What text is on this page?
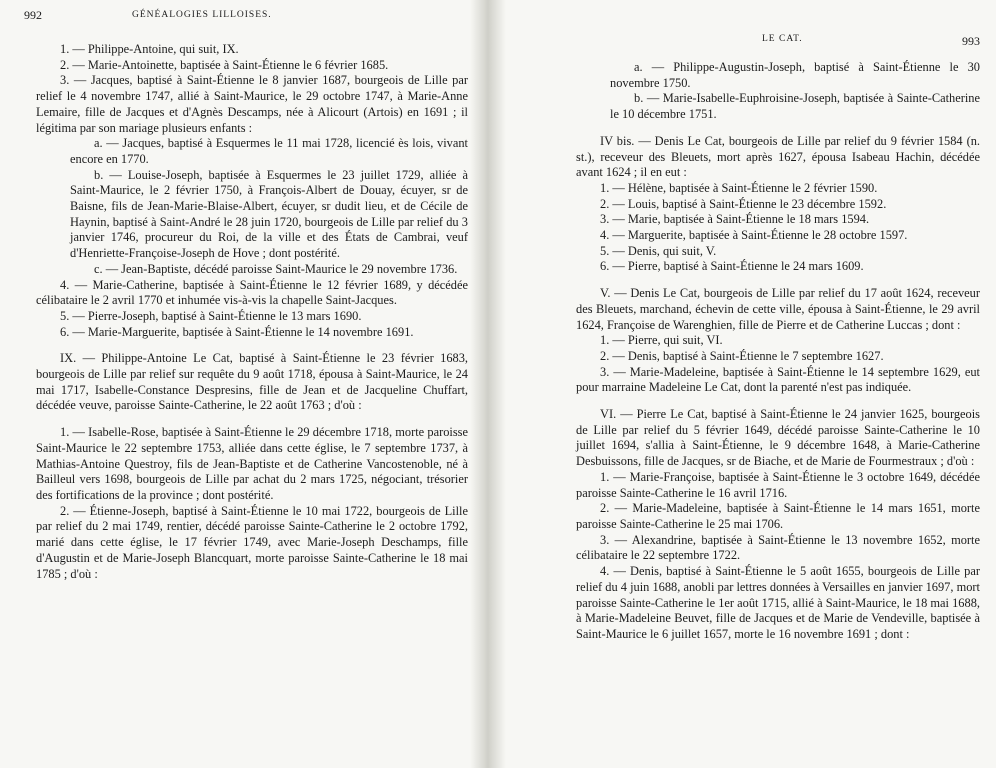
992	GÉNÉALOGIES LILLOISES.

1. — Philippe-Antoine, qui suit, IX.

2. — Marie-Antoinette, baptisée à Saint-Étienne le 6 février 1685.

3. — Jacques, baptisé à Saint-Étienne le 8 janvier 1687, bourgeois de Lille par relief le 4 novembre 1747, allié à Saint-Maurice, le 29 octobre 1747, à Marie-Anne Lemaire, fille de Jacques et d'Agnès Descamps, née à Alicourt (Artois) en 1691 ; il légitima par son mariage plusieurs enfants :

a. — Jacques, baptisé à Esquermes le 11 mai 1728, licencié ès lois, vivant encore en 1770.

b. — Louise-Joseph, baptisée à Esquermes le 23 juillet 1729, alliée à Saint-Maurice, le 2 février 1750, à François-Albert de Douay, écuyer, sr de Baisne, fils de Jean-Marie-Blaise-Albert, écuyer, sr dudit lieu, et de Cécile de Haynin, baptisé à Saint-André le 28 juin 1720, bourgeois de Lille par relief du 3 janvier 1746, procureur du Roi, de la ville et des États de Cambrai, veuf d'Henriette-Françoise-Joseph de Hove ; dont postérité.

c. — Jean-Baptiste, décédé paroisse Saint-Maurice le 29 novembre 1736.

4. — Marie-Catherine, baptisée à Saint-Étienne le 12 février 1689, y décédée célibataire le 2 avril 1770 et inhumée vis-à-vis la chapelle Saint-Jacques.

5. — Pierre-Joseph, baptisé à Saint-Étienne le 13 mars 1690.

6. — Marie-Marguerite, baptisée à Saint-Étienne le 14 novembre 1691.

IX. — Philippe-Antoine Le Cat, baptisé à Saint-Étienne le 23 février 1683, bourgeois de Lille par relief sur requête du 9 août 1718, épousa à Saint-Maurice, le 24 mai 1717, Isabelle-Constance Despresins, fille de Jean et de Jacqueline Chuffart, décédée veuve, paroisse Sainte-Catherine, le 22 août 1763 ; d'où :

1. — Isabelle-Rose, baptisée à Saint-Étienne le 29 décembre 1718, morte paroisse Saint-Maurice le 22 septembre 1753, alliée dans cette église, le 7 septembre 1737, à Mathias-Antoine Questroy, fils de Jean-Baptiste et de Catherine Vancostenoble, né à Bailleul vers 1698, bourgeois de Lille par achat du 2 mars 1725, négociant, trésorier des fortifications de la province ; dont postérité.

2. — Étienne-Joseph, baptisé à Saint-Étienne le 10 mai 1722, bourgeois de Lille par relief du 2 mai 1749, rentier, décédé paroisse Sainte-Catherine le 2 octobre 1792, marié dans cette église, le 17 février 1749, avec Marie-Joseph Deschamps, fille d'Augustin et de Marie-Joseph Blancquart, morte paroisse Sainte-Catherine le 18 mai 1785 ; d'où :

LE CAT.	993

a. — Philippe-Augustin-Joseph, baptisé à Saint-Étienne le 30 novembre 1750.

b. — Marie-Isabelle-Euphroisine-Joseph, baptisée à Sainte-Catherine le 10 décembre 1751.

IV bis. — Denis Le Cat, bourgeois de Lille par relief du 9 février 1584 (n. st.), receveur des Bleuets, mort après 1627, épousa Isabeau Hachin, décédée avant 1624 ; il en eut :

1. — Hélène, baptisée à Saint-Étienne le 2 février 1590.

2. — Louis, baptisé à Saint-Étienne le 23 décembre 1592.

3. — Marie, baptisée à Saint-Étienne le 18 mars 1594.

4. — Marguerite, baptisée à Saint-Étienne le 28 octobre 1597.

5. — Denis, qui suit, V.

6. — Pierre, baptisé à Saint-Étienne le 24 mars 1609.

V. — Denis Le Cat, bourgeois de Lille par relief du 17 août 1624, receveur des Bleuets, marchand, échevin de cette ville, épousa à Saint-Étienne, le 29 avril 1624, Françoise de Warenghien, fille de Pierre et de Catherine Luccas ; dont :

1. — Pierre, qui suit, VI.

2. — Denis, baptisé à Saint-Étienne le 7 septembre 1627.

3. — Marie-Madeleine, baptisée à Saint-Étienne le 14 septembre 1629, eut pour marraine Madeleine Le Cat, dont la parenté n'est pas indiquée.

VI. — Pierre Le Cat, baptisé à Saint-Étienne le 24 janvier 1625, bourgeois de Lille par relief du 5 février 1649, décédé paroisse Sainte-Catherine le 10 juillet 1694, s'allia à Saint-Étienne, le 9 décembre 1648, à Marie-Catherine Desbuissons, fille de Jacques, sr de Biache, et de Marie de Fourmestraux ; d'où :

1. — Marie-Françoise, baptisée à Saint-Étienne le 3 octobre 1649, décédée paroisse Sainte-Catherine le 16 avril 1716.

2. — Marie-Madeleine, baptisée à Saint-Étienne le 14 mars 1651, morte paroisse Sainte-Catherine le 25 mai 1706.

3. — Alexandrine, baptisée à Saint-Étienne le 13 novembre 1652, morte célibataire le 22 septembre 1722.

4. — Denis, baptisé à Saint-Étienne le 5 août 1655, bourgeois de Lille par relief du 4 juin 1688, anobli par lettres données à Versailles en janvier 1697, mort paroisse Sainte-Catherine le 1er août 1715, allié à Saint-Maurice, le 18 mai 1688, à Marie-Madeleine Beuvet, fille de Jacques et de Marie de Vendeville, baptisée à Saint-Maurice le 6 juillet 1657, morte le 16 novembre 1691 ; dont :
